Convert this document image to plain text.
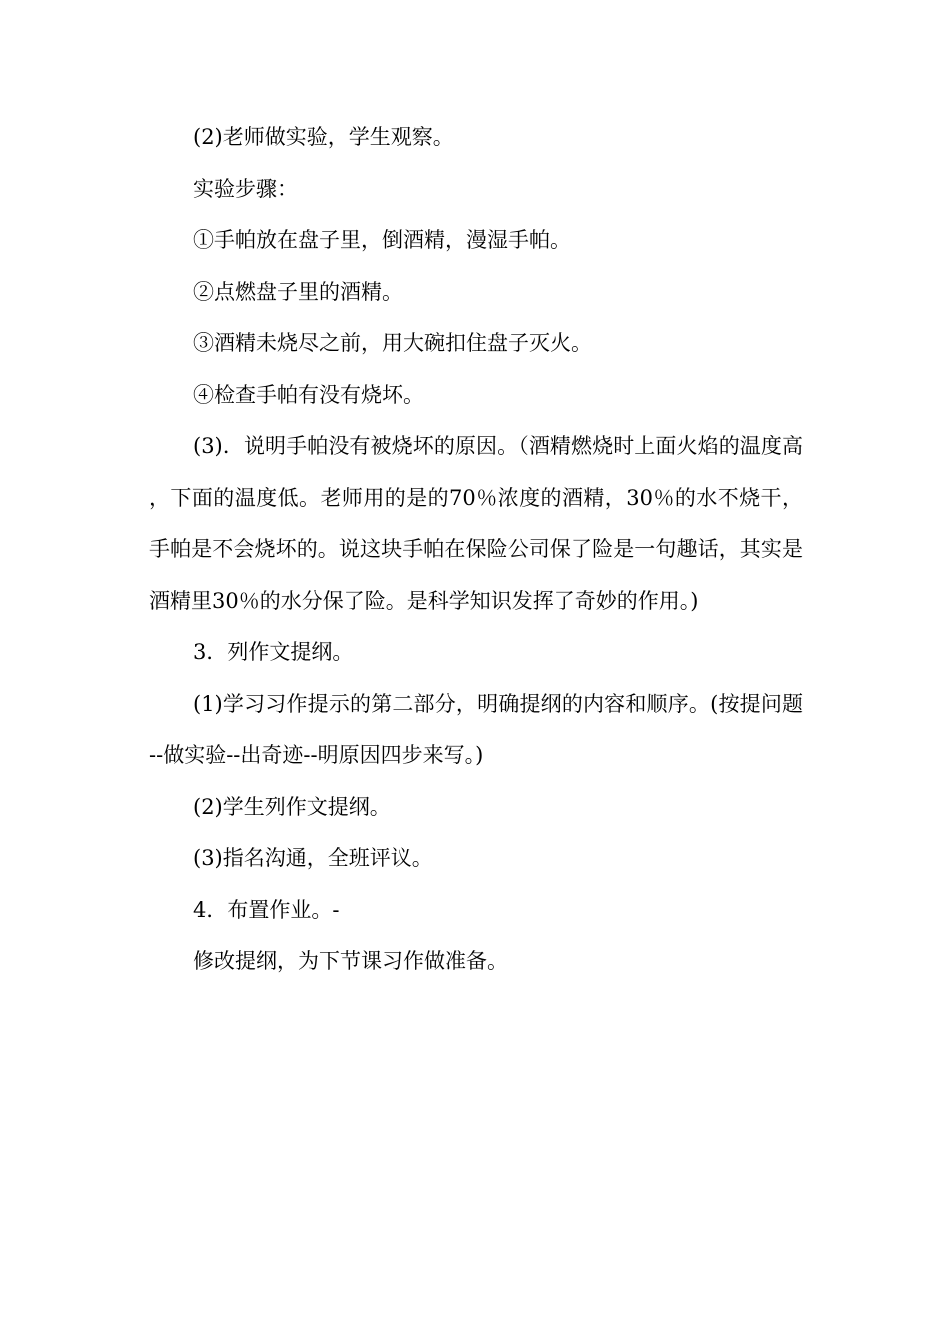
(2)老师做实验，学生观察。

实验步骤：

①手帕放在盘子里，倒酒精，漫湿手帕。

②点燃盘子里的酒精。

③酒精未烧尽之前，用大碗扣住盘子灭火。

④检查手帕有没有烧坏。

(3)．说明手帕没有被烧坏的原因。（酒精燃烧时上面火焰的温度高，下面的温度低。老师用的是的70％浓度的酒精，30％的水不烧干，手帕是不会烧坏的。说这块手帕在保险公司保了险是一句趣话，其实是酒精里30％的水分保了险。是科学知识发挥了奇妙的作用。)

3．列作文提纲。

(1)学习习作提示的第二部分，明确提纲的内容和顺序。(按提问题--做实验--出奇迹--明原因四步来写。)

(2)学生列作文提纲。

(3)指名沟通，全班评议。

4．布置作业。-

修改提纲，为下节课习作做准备。
